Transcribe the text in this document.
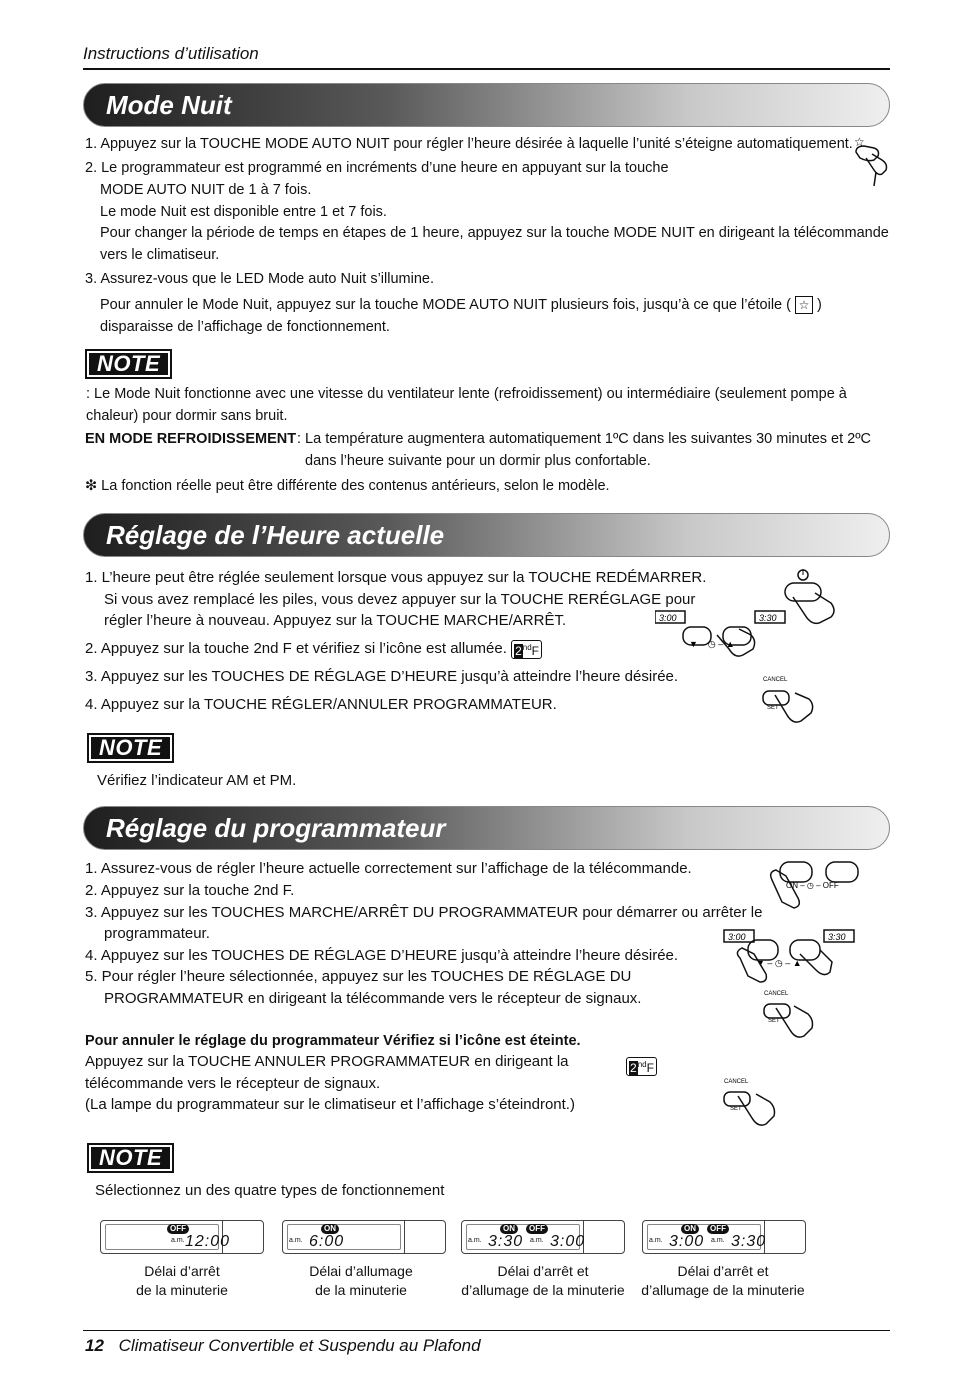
Instructions d’utilisation
Mode Nuit
1. Appuyez sur la TOUCHE MODE AUTO NUIT pour régler l’heure désirée à laquelle l’unité s’éteigne automatiquement. ☆
2. Le programmateur est programmé en incréments d’une heure en appuyant sur la touche
MODE AUTO NUIT de 1 à 7 fois.
Le mode Nuit est disponible entre 1 et 7 fois.
Pour changer la période de temps en étapes de 1 heure, appuyez sur la touche MODE NUIT en dirigeant la télécommande
vers le climatiseur.
3. Assurez-vous que le LED Mode auto Nuit s’illumine.
Pour annuler le Mode Nuit, appuyez sur la touche MODE AUTO NUIT plusieurs fois, jusqu’à ce que l’étoile ( ☆ )
disparaisse de l’affichage de fonctionnement.
NOTE
: Le Mode Nuit fonctionne avec une vitesse du ventilateur lente (refroidissement) ou intermédiaire (seulement pompe à
chaleur) pour dormir sans bruit.
EN MODE REFROIDISSEMENT : La température augmentera automatiquement 1ºC dans les suivantes 30 minutes et 2ºC
dans l’heure suivante pour un dormir plus confortable.
❇ La fonction réelle peut être différente des contenus antérieurs, selon le modèle.
Réglage de l’Heure actuelle
1. L’heure peut être réglée seulement lorsque vous appuyez sur la TOUCHE REDÉMARRER.
Si vous avez remplacé les piles, vous devez appuyer sur la TOUCHE RERÉGLAGE pour
régler l’heure à nouveau. Appuyez sur la TOUCHE MARCHE/ARRÊT.
2. Appuyez sur la touche 2nd F et vérifiez si l’icône est allumée. 2ndF
3. Appuyez sur les TOUCHES DE RÉGLAGE D’HEURE jusqu’à atteindre l’heure désirée.
4. Appuyez sur la TOUCHE RÉGLER/ANNULER PROGRAMMATEUR.
3:00	3:30
▼ – ◷ – ▲
CANCEL
SET
NOTE
Vérifiez l’indicateur AM et PM.
Réglage du programmateur
1. Assurez-vous de régler l’heure actuelle correctement sur l’affichage de la télécommande.
2. Appuyez sur la touche 2nd F.
3. Appuyez sur les TOUCHES MARCHE/ARRÊT DU PROGRAMMATEUR pour démarrer ou arrêter le
programmateur.
4. Appuyez sur les TOUCHES DE RÉGLAGE D’HEURE jusqu’à atteindre l’heure désirée.
5. Pour régler l’heure sélectionnée, appuyez sur les TOUCHES DE RÉGLAGE DU
PROGRAMMATEUR en dirigeant la télécommande vers le récepteur de signaux.
ON – ◷ – OFF
3:00	3:30
▼ – ◷ – ▲
CANCEL
SET
CANCEL
SET
Pour annuler le réglage du programmateur Vérifiez si l’icône est éteinte.
Appuyez sur la TOUCHE ANNULER PROGRAMMATEUR en dirigeant la	2ndF
télécommande vers le récepteur de signaux.
(La lampe du programmateur sur le climatiseur et l’affichage s’éteindront.)
NOTE
Sélectionnez un des quatre types de fonctionnement
OFF
a.m. 12:00
ON
a.m. 6:00
ON	OFF
a.m. 3:30 a.m. 3:00
ON	OFF
a.m. 3:00 a.m. 3:30
Délai d’arrêt
de la minuterie
Délai d’allumage
de la minuterie
Délai d’arrêt et
d’allumage de la minuterie
Délai d’arrêt et
d’allumage de la minuterie
12 Climatiseur Convertible et Suspendu au Plafond
